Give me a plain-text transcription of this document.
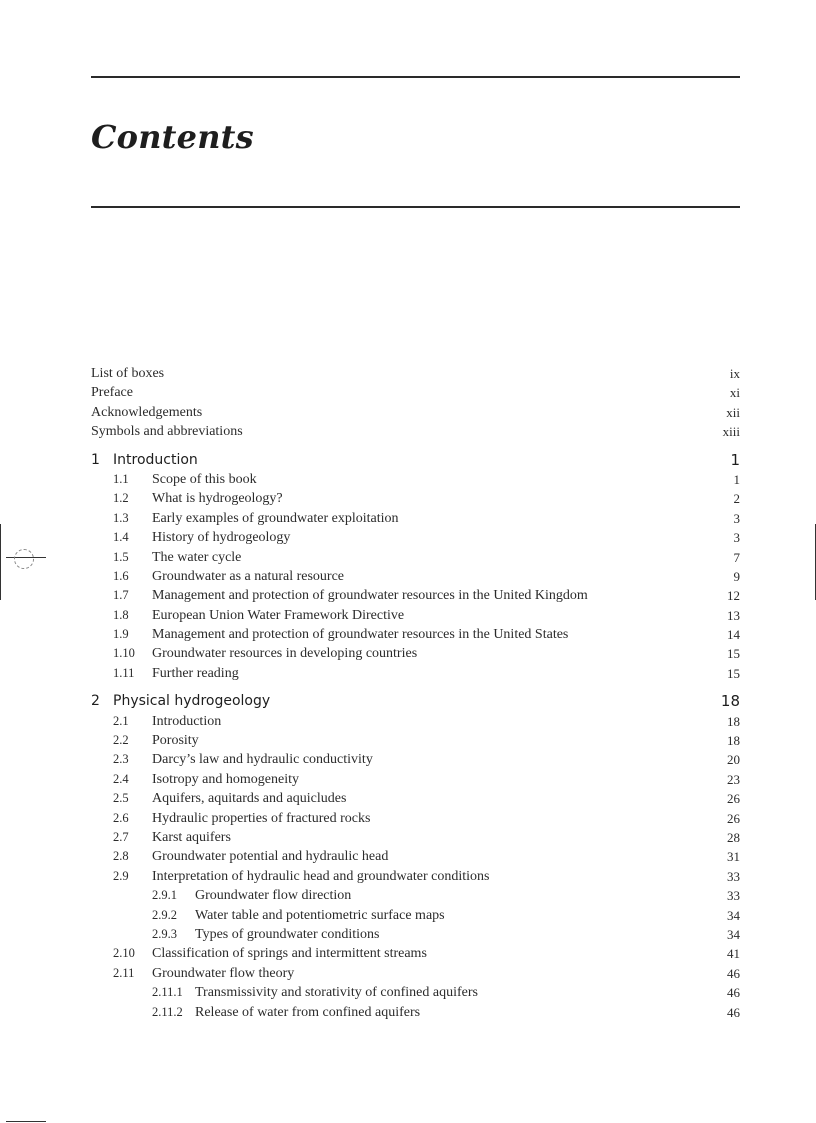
Contents
List of boxes	ix
Preface	xi
Acknowledgements	xii
Symbols and abbreviations	xiii
1 Introduction	1
1.1 Scope of this book	1
1.2 What is hydrogeology?	2
1.3 Early examples of groundwater exploitation	3
1.4 History of hydrogeology	3
1.5 The water cycle	7
1.6 Groundwater as a natural resource	9
1.7 Management and protection of groundwater resources in the United Kingdom	12
1.8 European Union Water Framework Directive	13
1.9 Management and protection of groundwater resources in the United States	14
1.10 Groundwater resources in developing countries	15
1.11 Further reading	15
2 Physical hydrogeology	18
2.1 Introduction	18
2.2 Porosity	18
2.3 Darcy’s law and hydraulic conductivity	20
2.4 Isotropy and homogeneity	23
2.5 Aquifers, aquitards and aquicludes	26
2.6 Hydraulic properties of fractured rocks	26
2.7 Karst aquifers	28
2.8 Groundwater potential and hydraulic head	31
2.9 Interpretation of hydraulic head and groundwater conditions	33
2.9.1 Groundwater flow direction	33
2.9.2 Water table and potentiometric surface maps	34
2.9.3 Types of groundwater conditions	34
2.10 Classification of springs and intermittent streams	41
2.11 Groundwater flow theory	46
2.11.1 Transmissivity and storativity of confined aquifers	46
2.11.2 Release of water from confined aquifers	46
